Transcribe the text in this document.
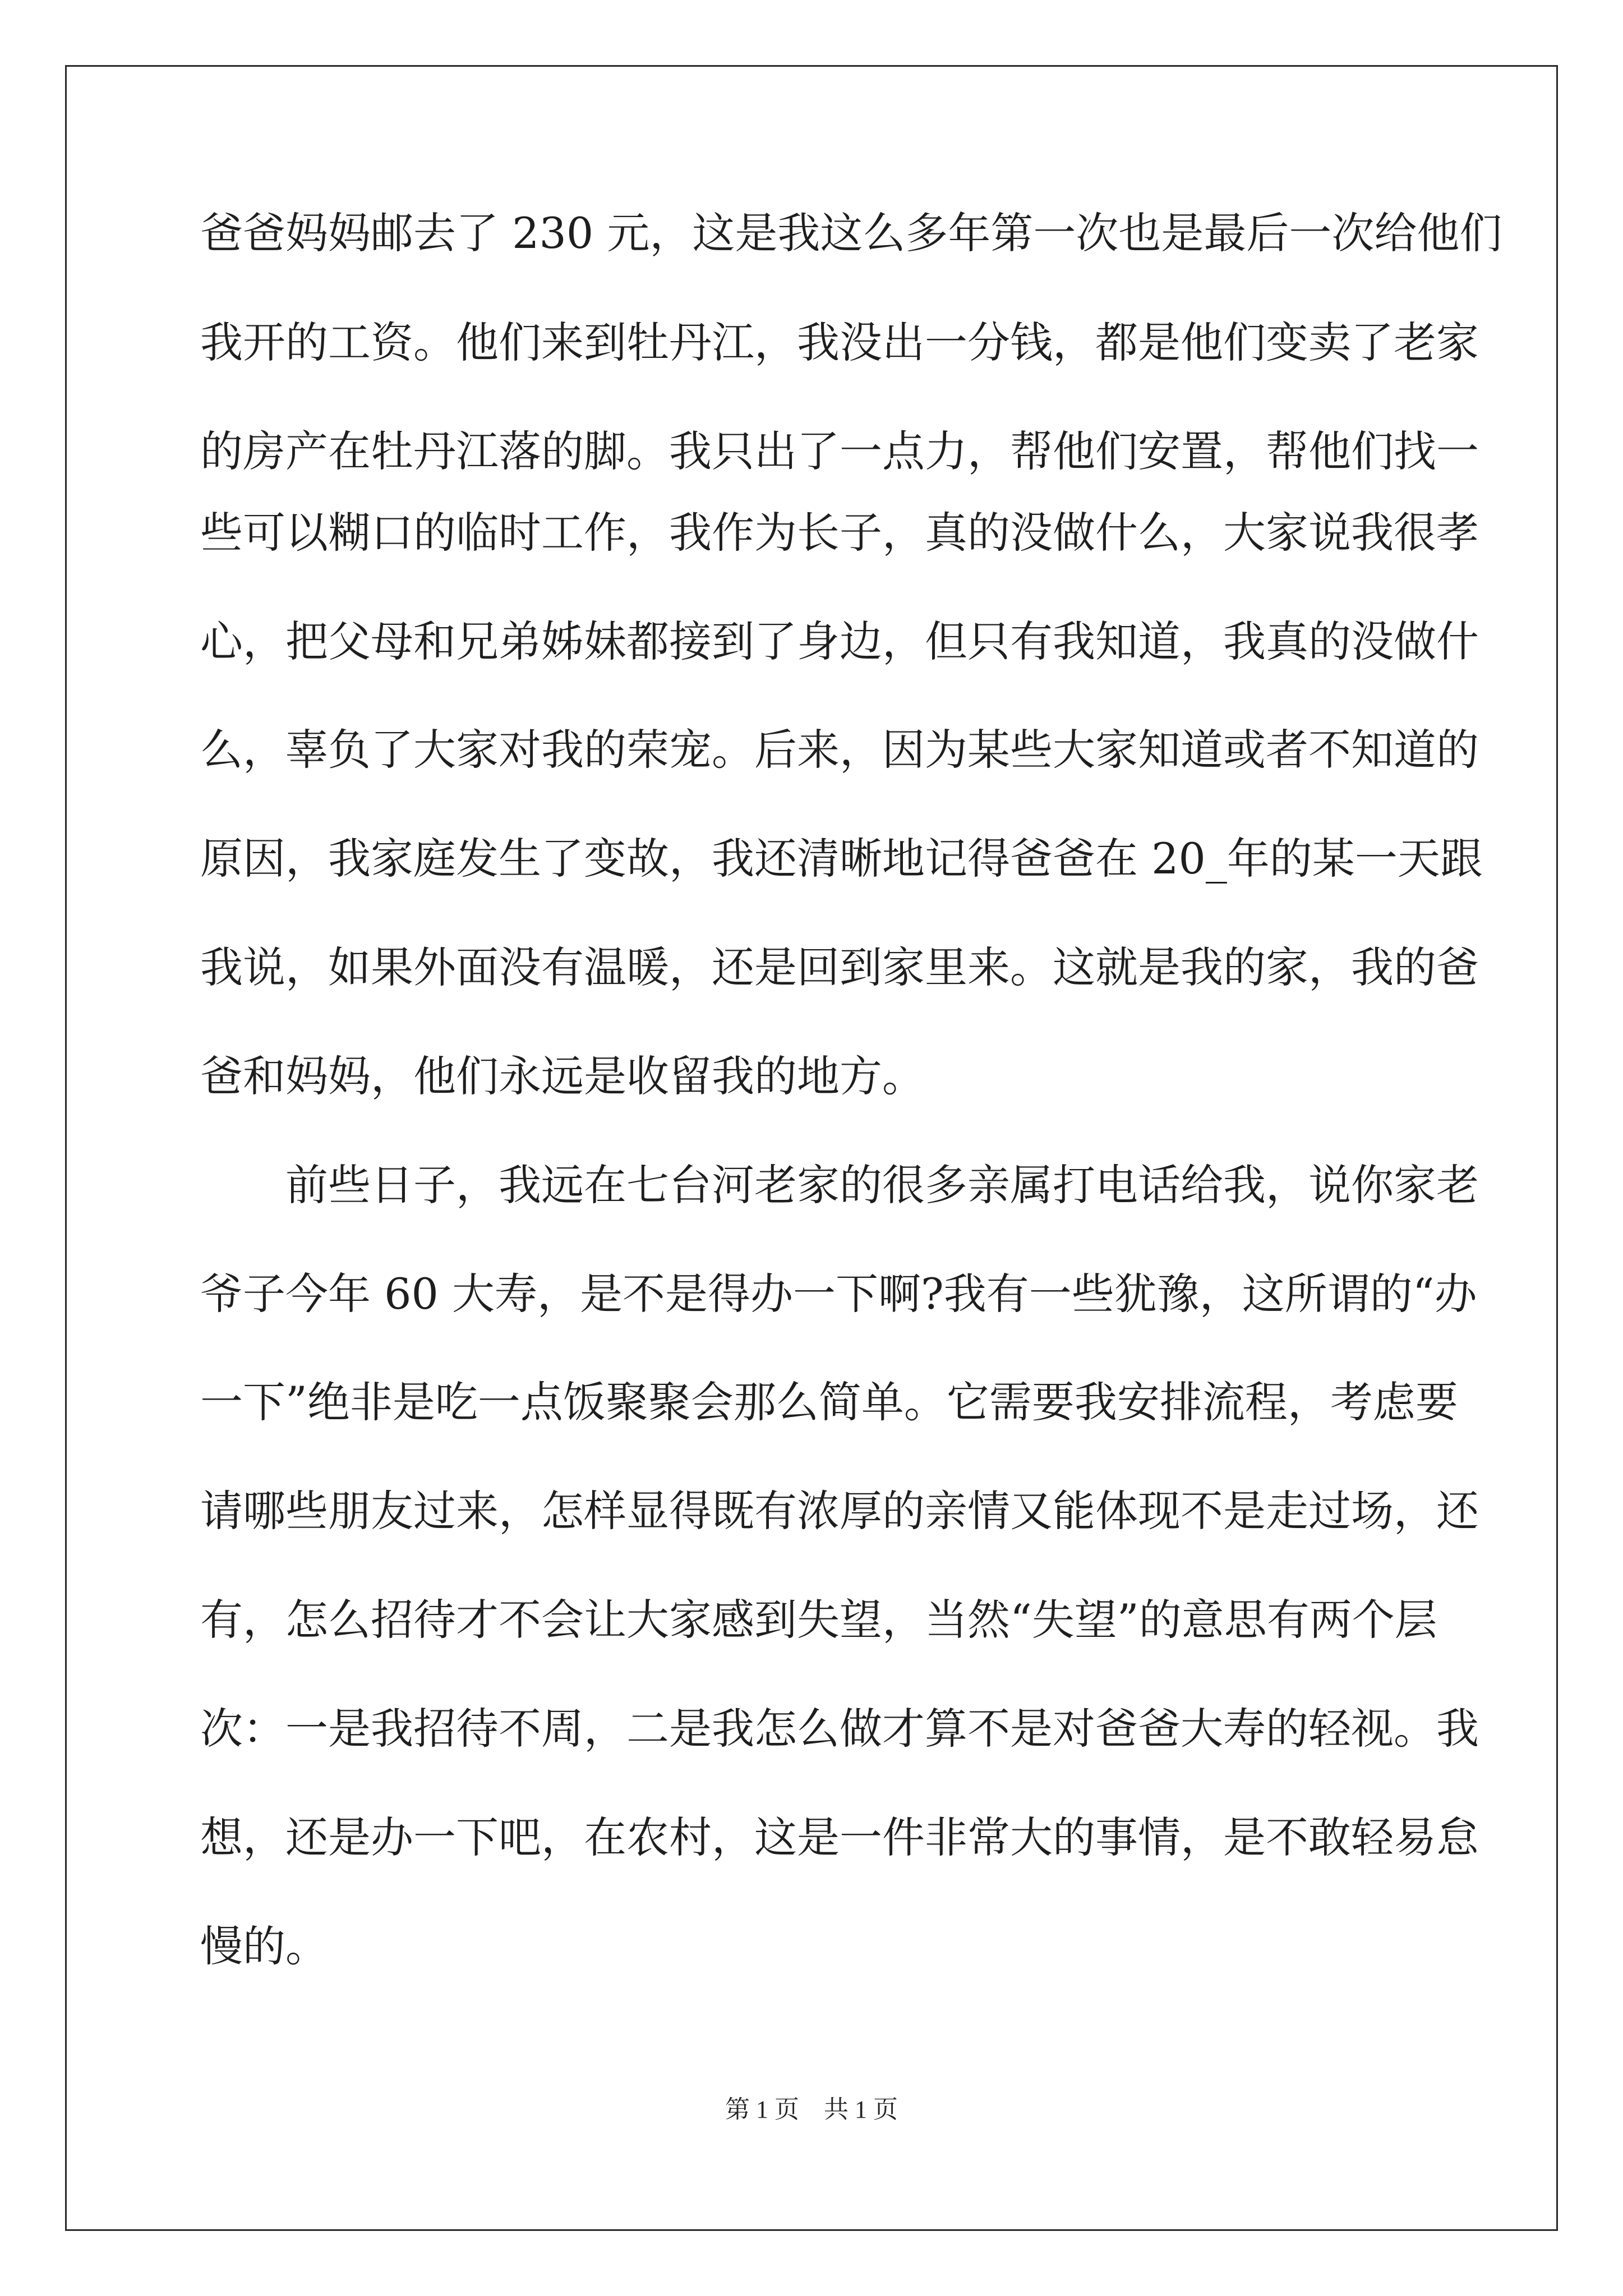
爸爸妈妈邮去了 230 元，这是我这么多年第一次也是最后一次给他们
我开的工资。他们来到牡丹江，我没出一分钱，都是他们变卖了老家
的房产在牡丹江落的脚。我只出了一点力，帮他们安置，帮他们找一
些可以糊口的临时工作，我作为长子，真的没做什么，大家说我很孝
心，把父母和兄弟姊妹都接到了身边，但只有我知道，我真的没做什
么，辜负了大家对我的荣宠。后来，因为某些大家知道或者不知道的
原因，我家庭发生了变故，我还清晰地记得爸爸在 20_年的某一天跟
我说，如果外面没有温暖，还是回到家里来。这就是我的家，我的爸
爸和妈妈，他们永远是收留我的地方。
　　前些日子，我远在七台河老家的很多亲属打电话给我，说你家老
爷子今年 60 大寿，是不是得办一下啊?我有一些犹豫，这所谓的“办
一下”绝非是吃一点饭聚聚会那么简单。它需要我安排流程，考虑要
请哪些朋友过来，怎样显得既有浓厚的亲情又能体现不是走过场，还
有，怎么招待才不会让大家感到失望，当然“失望”的意思有两个层
次：一是我招待不周，二是我怎么做才算不是对爸爸大寿的轻视。我
想，还是办一下吧，在农村，这是一件非常大的事情，是不敢轻易怠
慢的。
第 1 页　共 1 页
